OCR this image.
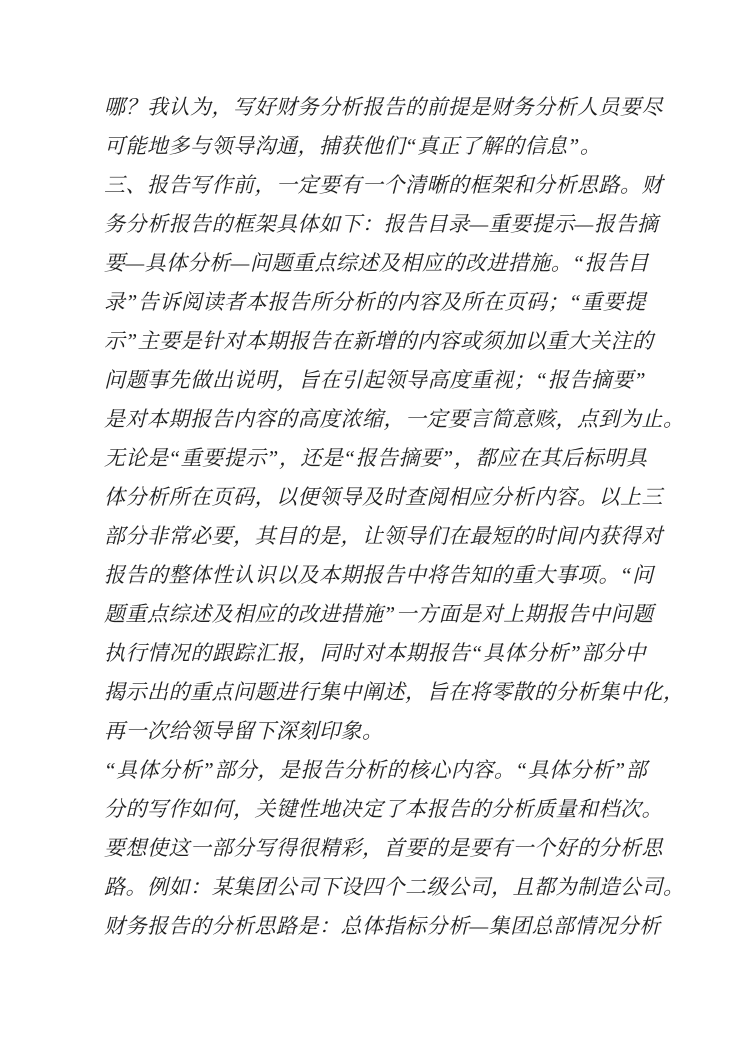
哪？我认为，写好财务分析报告的前提是财务分析人员要尽
可能地多与领导沟通，捕获他们“真正了解的信息”。
三、报告写作前，一定要有一个清晰的框架和分析思路。财
务分析报告的框架具体如下：报告目录—重要提示—报告摘
要—具体分析—问题重点综述及相应的改进措施。“报告目
录”告诉阅读者本报告所分析的内容及所在页码；“重要提
示”主要是针对本期报告在新增的内容或须加以重大关注的
问题事先做出说明，旨在引起领导高度重视；“报告摘要”
是对本期报告内容的高度浓缩，一定要言简意赅，点到为止。
无论是“重要提示”，还是“报告摘要”，都应在其后标明具
体分析所在页码，以便领导及时查阅相应分析内容。以上三
部分非常必要，其目的是，让领导们在最短的时间内获得对
报告的整体性认识以及本期报告中将告知的重大事项。“问
题重点综述及相应的改进措施”一方面是对上期报告中问题
执行情况的跟踪汇报，同时对本期报告“具体分析”部分中
揭示出的重点问题进行集中阐述，旨在将零散的分析集中化，
再一次给领导留下深刻印象。
“具体分析”部分，是报告分析的核心内容。“具体分析”部
分的写作如何，关键性地决定了本报告的分析质量和档次。
要想使这一部分写得很精彩，首要的是要有一个好的分析思
路。例如：某集团公司下设四个二级公司，且都为制造公司。
财务报告的分析思路是：总体指标分析—集团总部情况分析
